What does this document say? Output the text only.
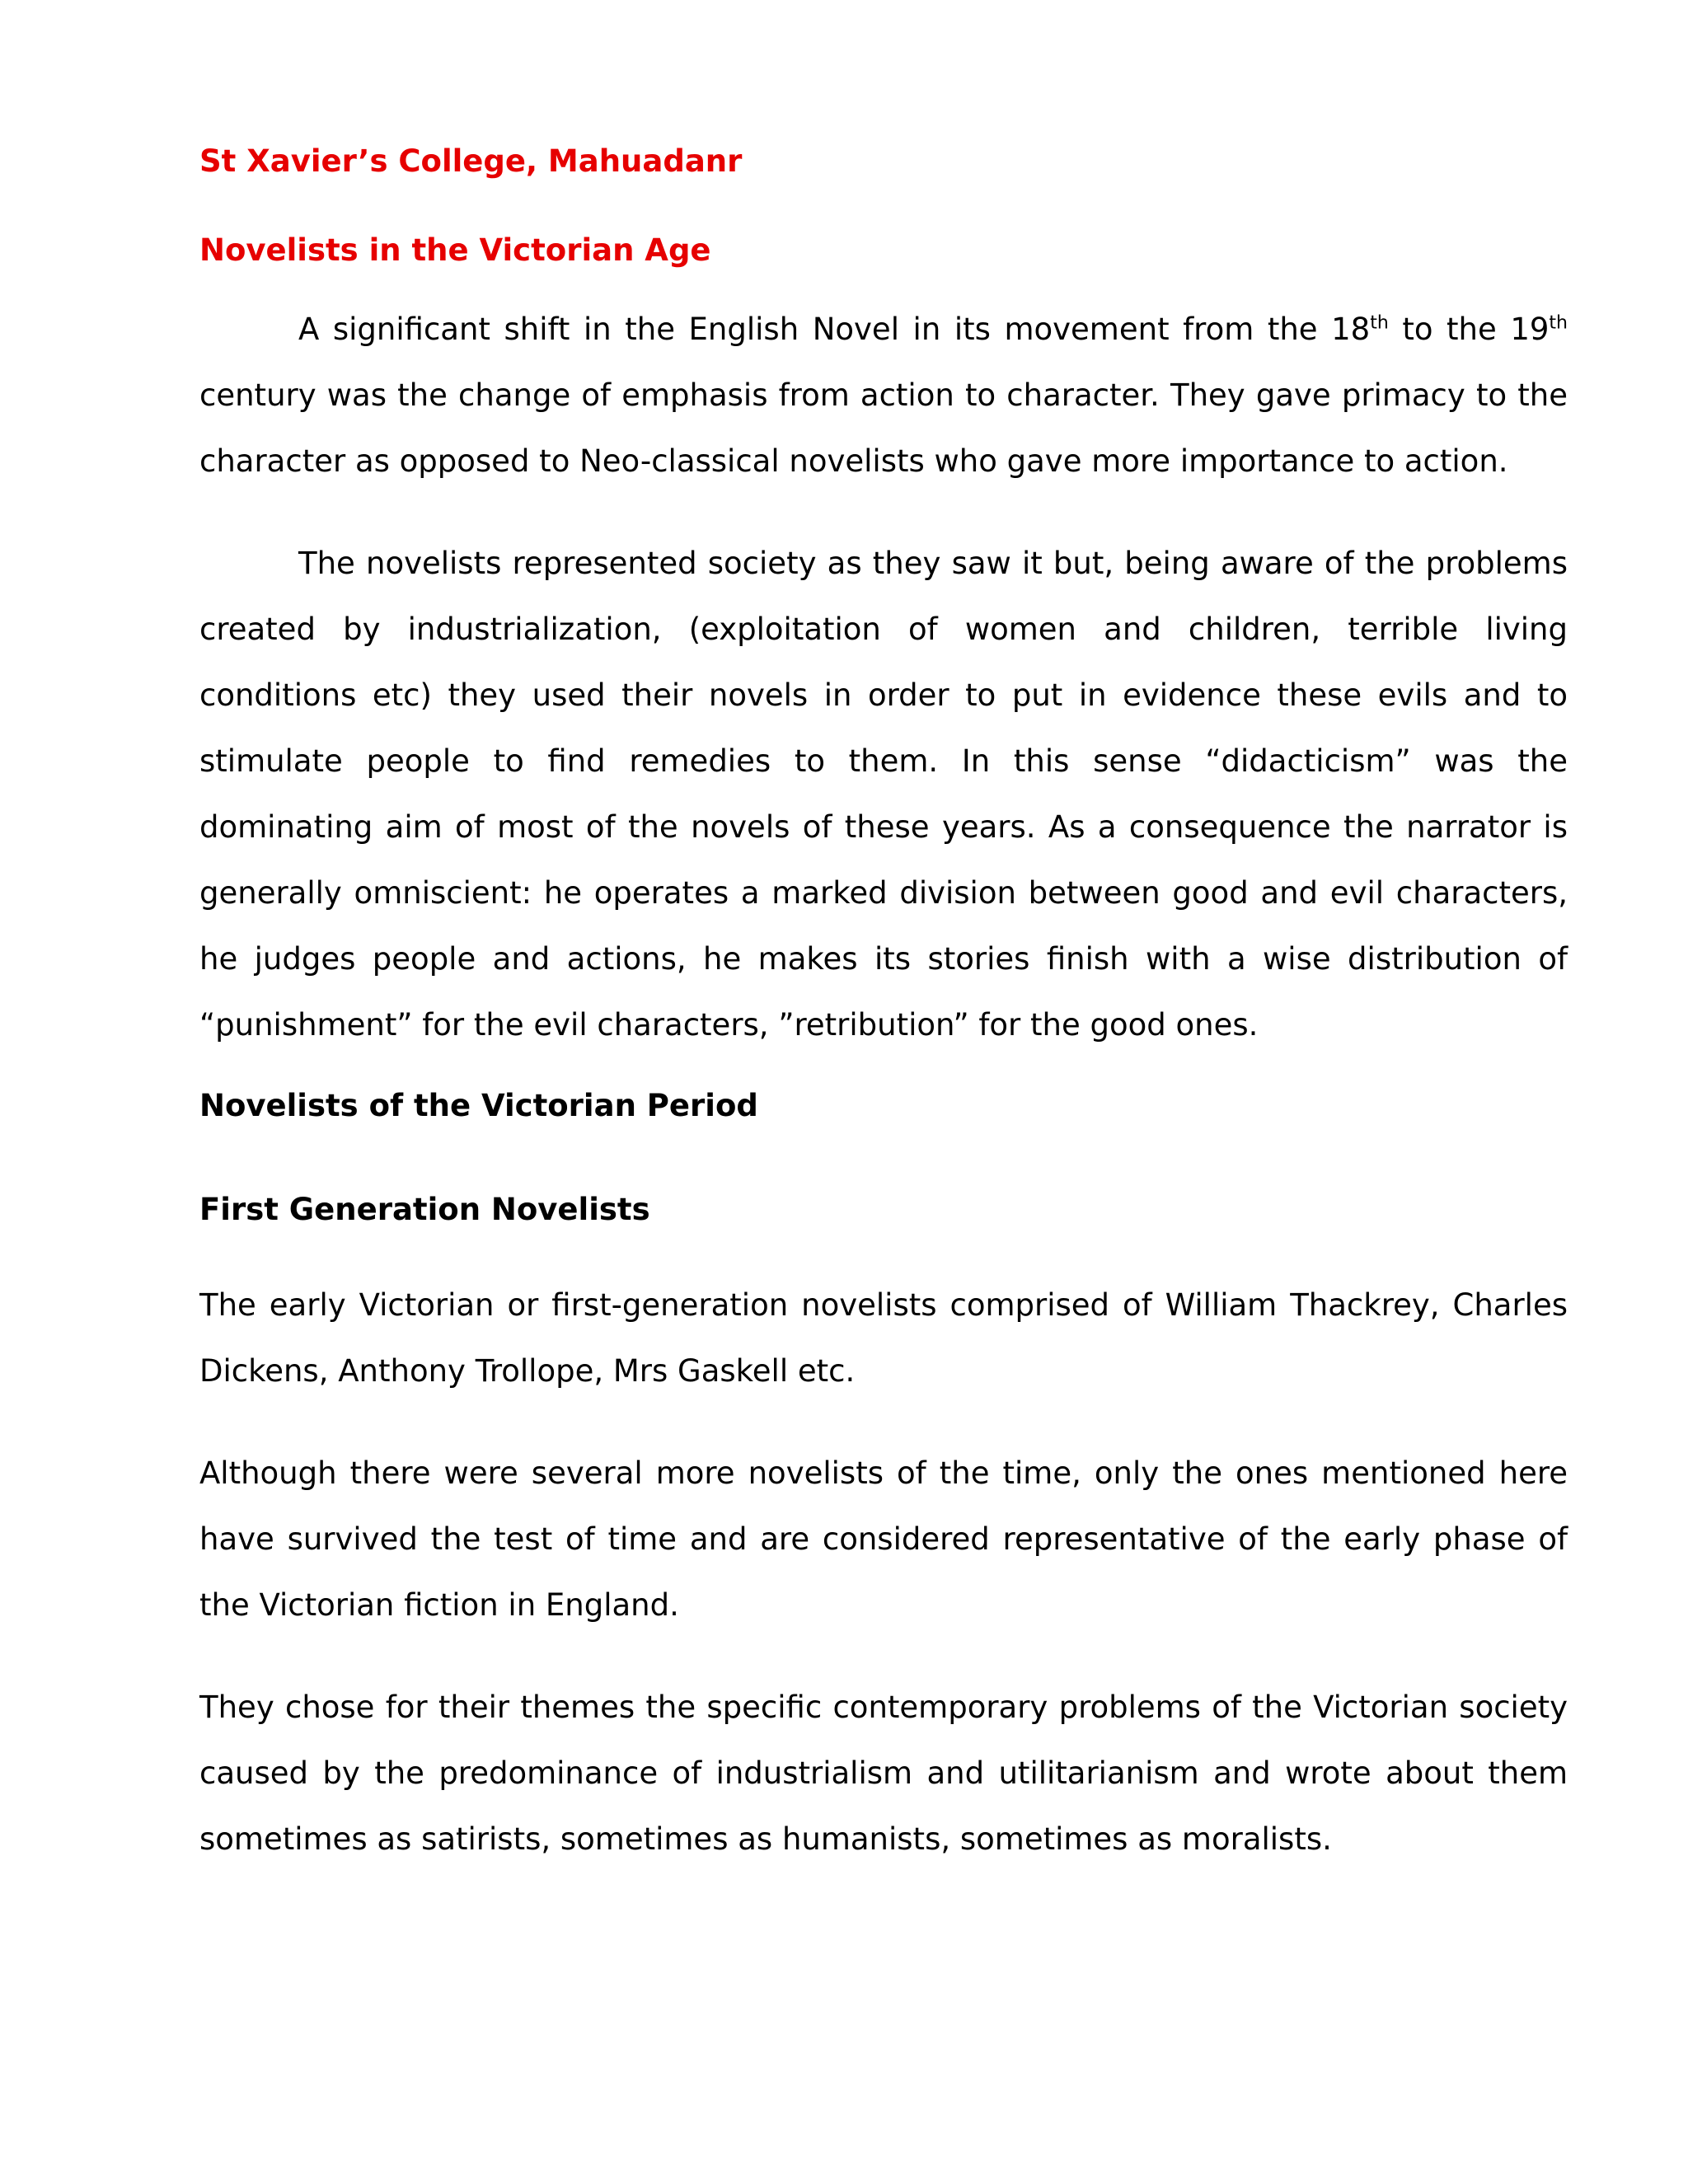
St Xavier’s College, Mahuadanr

Novelists in the Victorian Age

A significant shift in the English Novel in its movement from the 18th to the 19th century was the change of emphasis from action to character. They gave primacy to the character as opposed to Neo-classical novelists who gave more importance to action.

The novelists represented society as they saw it but, being aware of the problems created by industrialization, (exploitation of women and children, terrible living conditions etc) they used their novels in order to put in evidence these evils and to stimulate people to find remedies to them. In this sense “didacticism” was the dominating aim of most of the novels of these years. As a consequence the narrator is generally omniscient: he operates a marked division between good and evil characters, he judges people and actions, he makes its stories finish with a wise distribution of “punishment” for the evil characters, ”retribution” for the good ones.

Novelists of the Victorian Period

First Generation Novelists

The early Victorian or first-generation novelists comprised of William Thackrey, Charles Dickens, Anthony Trollope, Mrs Gaskell etc.

Although there were several more novelists of the time, only the ones mentioned here have survived the test of time and are considered representative of the early phase of the Victorian fiction in England.

They chose for their themes the specific contemporary problems of the Victorian society caused by the predominance of industrialism and utilitarianism and wrote about them sometimes as satirists, sometimes as humanists, sometimes as moralists.
